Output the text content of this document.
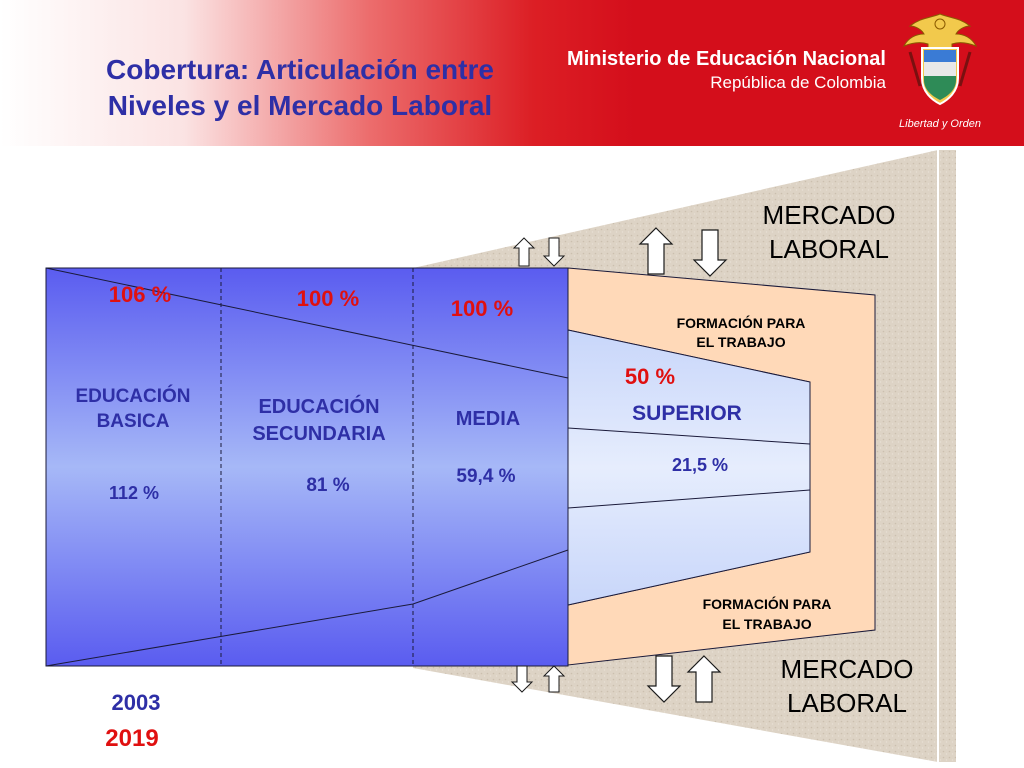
Cobertura: Articulación entre
Niveles y el Mercado Laboral
Ministerio de Educación Nacional
República de Colombia
Libertad y Orden
106 %
EDUCACIÓN
BASICA
112 %
100 %
EDUCACIÓN
SECUNDARIA
81 %
100 %
MEDIA
59,4 %
50 %
SUPERIOR
21,5 %
FORMACIÓN PARA
EL TRABAJO
FORMACIÓN PARA
EL TRABAJO
MERCADO
LABORAL
MERCADO
LABORAL
2003
2019
